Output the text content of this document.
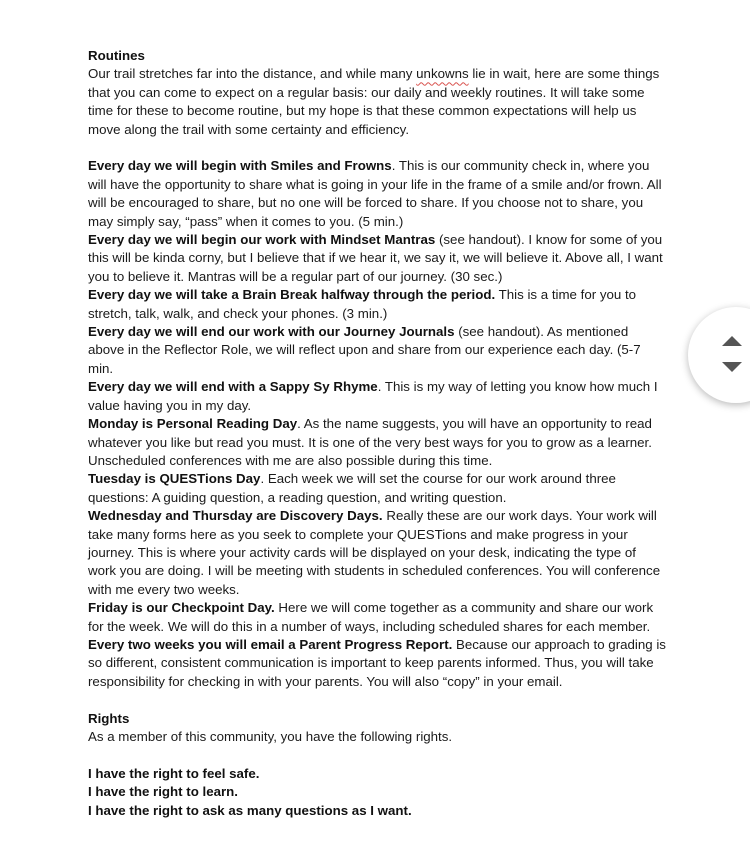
Routines

Our trail stretches far into the distance, and while many unkowns lie in wait, here are some things that you can come to expect on a regular basis: our daily and weekly routines. It will take some time for these to become routine, but my hope is that these common expectations will help us move along the trail with some certainty and efficiency.

Every day we will begin with Smiles and Frowns. This is our community check in, where you will have the opportunity to share what is going in your life in the frame of a smile and/or frown. All will be encouraged to share, but no one will be forced to share. If you choose not to share, you may simply say, “pass” when it comes to you. (5 min.)

Every day we will begin our work with Mindset Mantras (see handout). I know for some of you this will be kinda corny, but I believe that if we hear it, we say it, we will believe it. Above all, I want you to believe it. Mantras will be a regular part of our journey. (30 sec.)

Every day we will take a Brain Break halfway through the period. This is a time for you to stretch, talk, walk, and check your phones. (3 min.)

Every day we will end our work with our Journey Journals (see handout). As mentioned above in the Reflector Role, we will reflect upon and share from our experience each day. (5-7 min.

Every day we will end with a Sappy Sy Rhyme. This is my way of letting you know how much I value having you in my day.

Monday is Personal Reading Day. As the name suggests, you will have an opportunity to read whatever you like but read you must. It is one of the very best ways for you to grow as a learner. Unscheduled conferences with me are also possible during this time.

Tuesday is QUESTions Day. Each week we will set the course for our work around three questions: A guiding question, a reading question, and writing question.

Wednesday and Thursday are Discovery Days. Really these are our work days. Your work will take many forms here as you seek to complete your QUESTions and make progress in your journey. This is where your activity cards will be displayed on your desk, indicating the type of work you are doing. I will be meeting with students in scheduled conferences. You will conference with me every two weeks.

Friday is our Checkpoint Day. Here we will come together as a community and share our work for the week. We will do this in a number of ways, including scheduled shares for each member.

Every two weeks you will email a Parent Progress Report. Because our approach to grading is so different, consistent communication is important to keep parents informed. Thus, you will take responsibility for checking in with your parents. You will also “copy” in your email.

Rights

As a member of this community, you have the following rights.

I have the right to feel safe.

I have the right to learn.

I have the right to ask as many questions as I want.
